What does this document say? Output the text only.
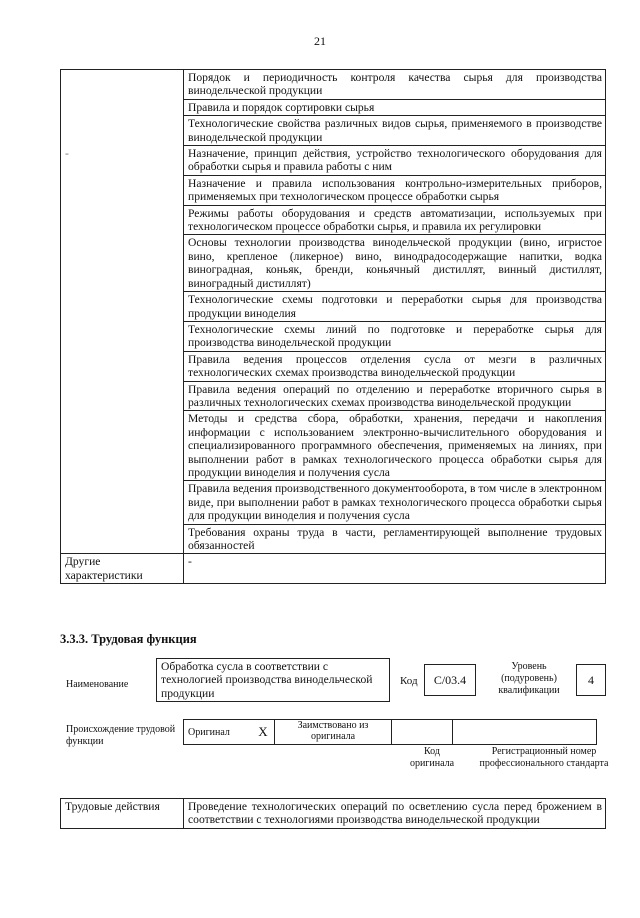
21
-	Порядок и периодичность контроля качества сырья для производства винодельческой продукции
	Правила и порядок сортировки сырья
	Технологические свойства различных видов сырья, применяемого в производстве винодельческой продукции
	Назначение, принцип действия, устройство технологического оборудования для обработки сырья и правила работы с ним
	Назначение и правила использования контрольно-измерительных приборов, применяемых при технологическом процессе обработки сырья
	Режимы работы оборудования и средств автоматизации, используемых при технологическом процессе обработки сырья, и правила их регулировки
	Основы технологии производства винодельческой продукции (вино, игристое вино, крепленое (ликерное) вино, винодрадосодержащие напитки, водка виноградная, коньяк, бренди, коньячный дистиллят, винный дистиллят, виноградный дистиллят)
	Технологические схемы подготовки и переработки сырья для производства продукции виноделия
	Технологические схемы линий по подготовке и переработке сырья для производства винодельческой продукции
	Правила ведения процессов отделения сусла от мезги в различных технологических схемах производства винодельческой продукции
	Правила ведения операций по отделению и переработке вторичного сырья в различных технологических схемах производства винодельческой продукции
	Методы и средства сбора, обработки, хранения, передачи и накопления информации с использованием электронно-вычислительного оборудования и специализированного программного обеспечения, применяемых на линиях, при выполнении работ в рамках технологического процесса обработки сырья для продукции виноделия и получения сусла
	Правила ведения производственного документооборота, в том числе в электронном виде, при выполнении работ в рамках технологического процесса обработки сырья для продукции виноделия и получения сусла
	Требования охраны труда в части, регламентирующей выполнение трудовых обязанностей
Другие характеристики	-
3.3.3. Трудовая функция
Наименование
Обработка сусла в соответствии с технологией производства винодельческой продукции
Код	C/03.4
Уровень (подуровень) квалификации
4
Происхождение трудовой функции
Оригинал	X	Заимствовано из оригинала		
Код оригинала
Регистрационный номер профессионального стандарта
Трудовые действия	Проведение технологических операций по осветлению сусла перед брожением в соответствии с технологиями производства винодельческой продукции
